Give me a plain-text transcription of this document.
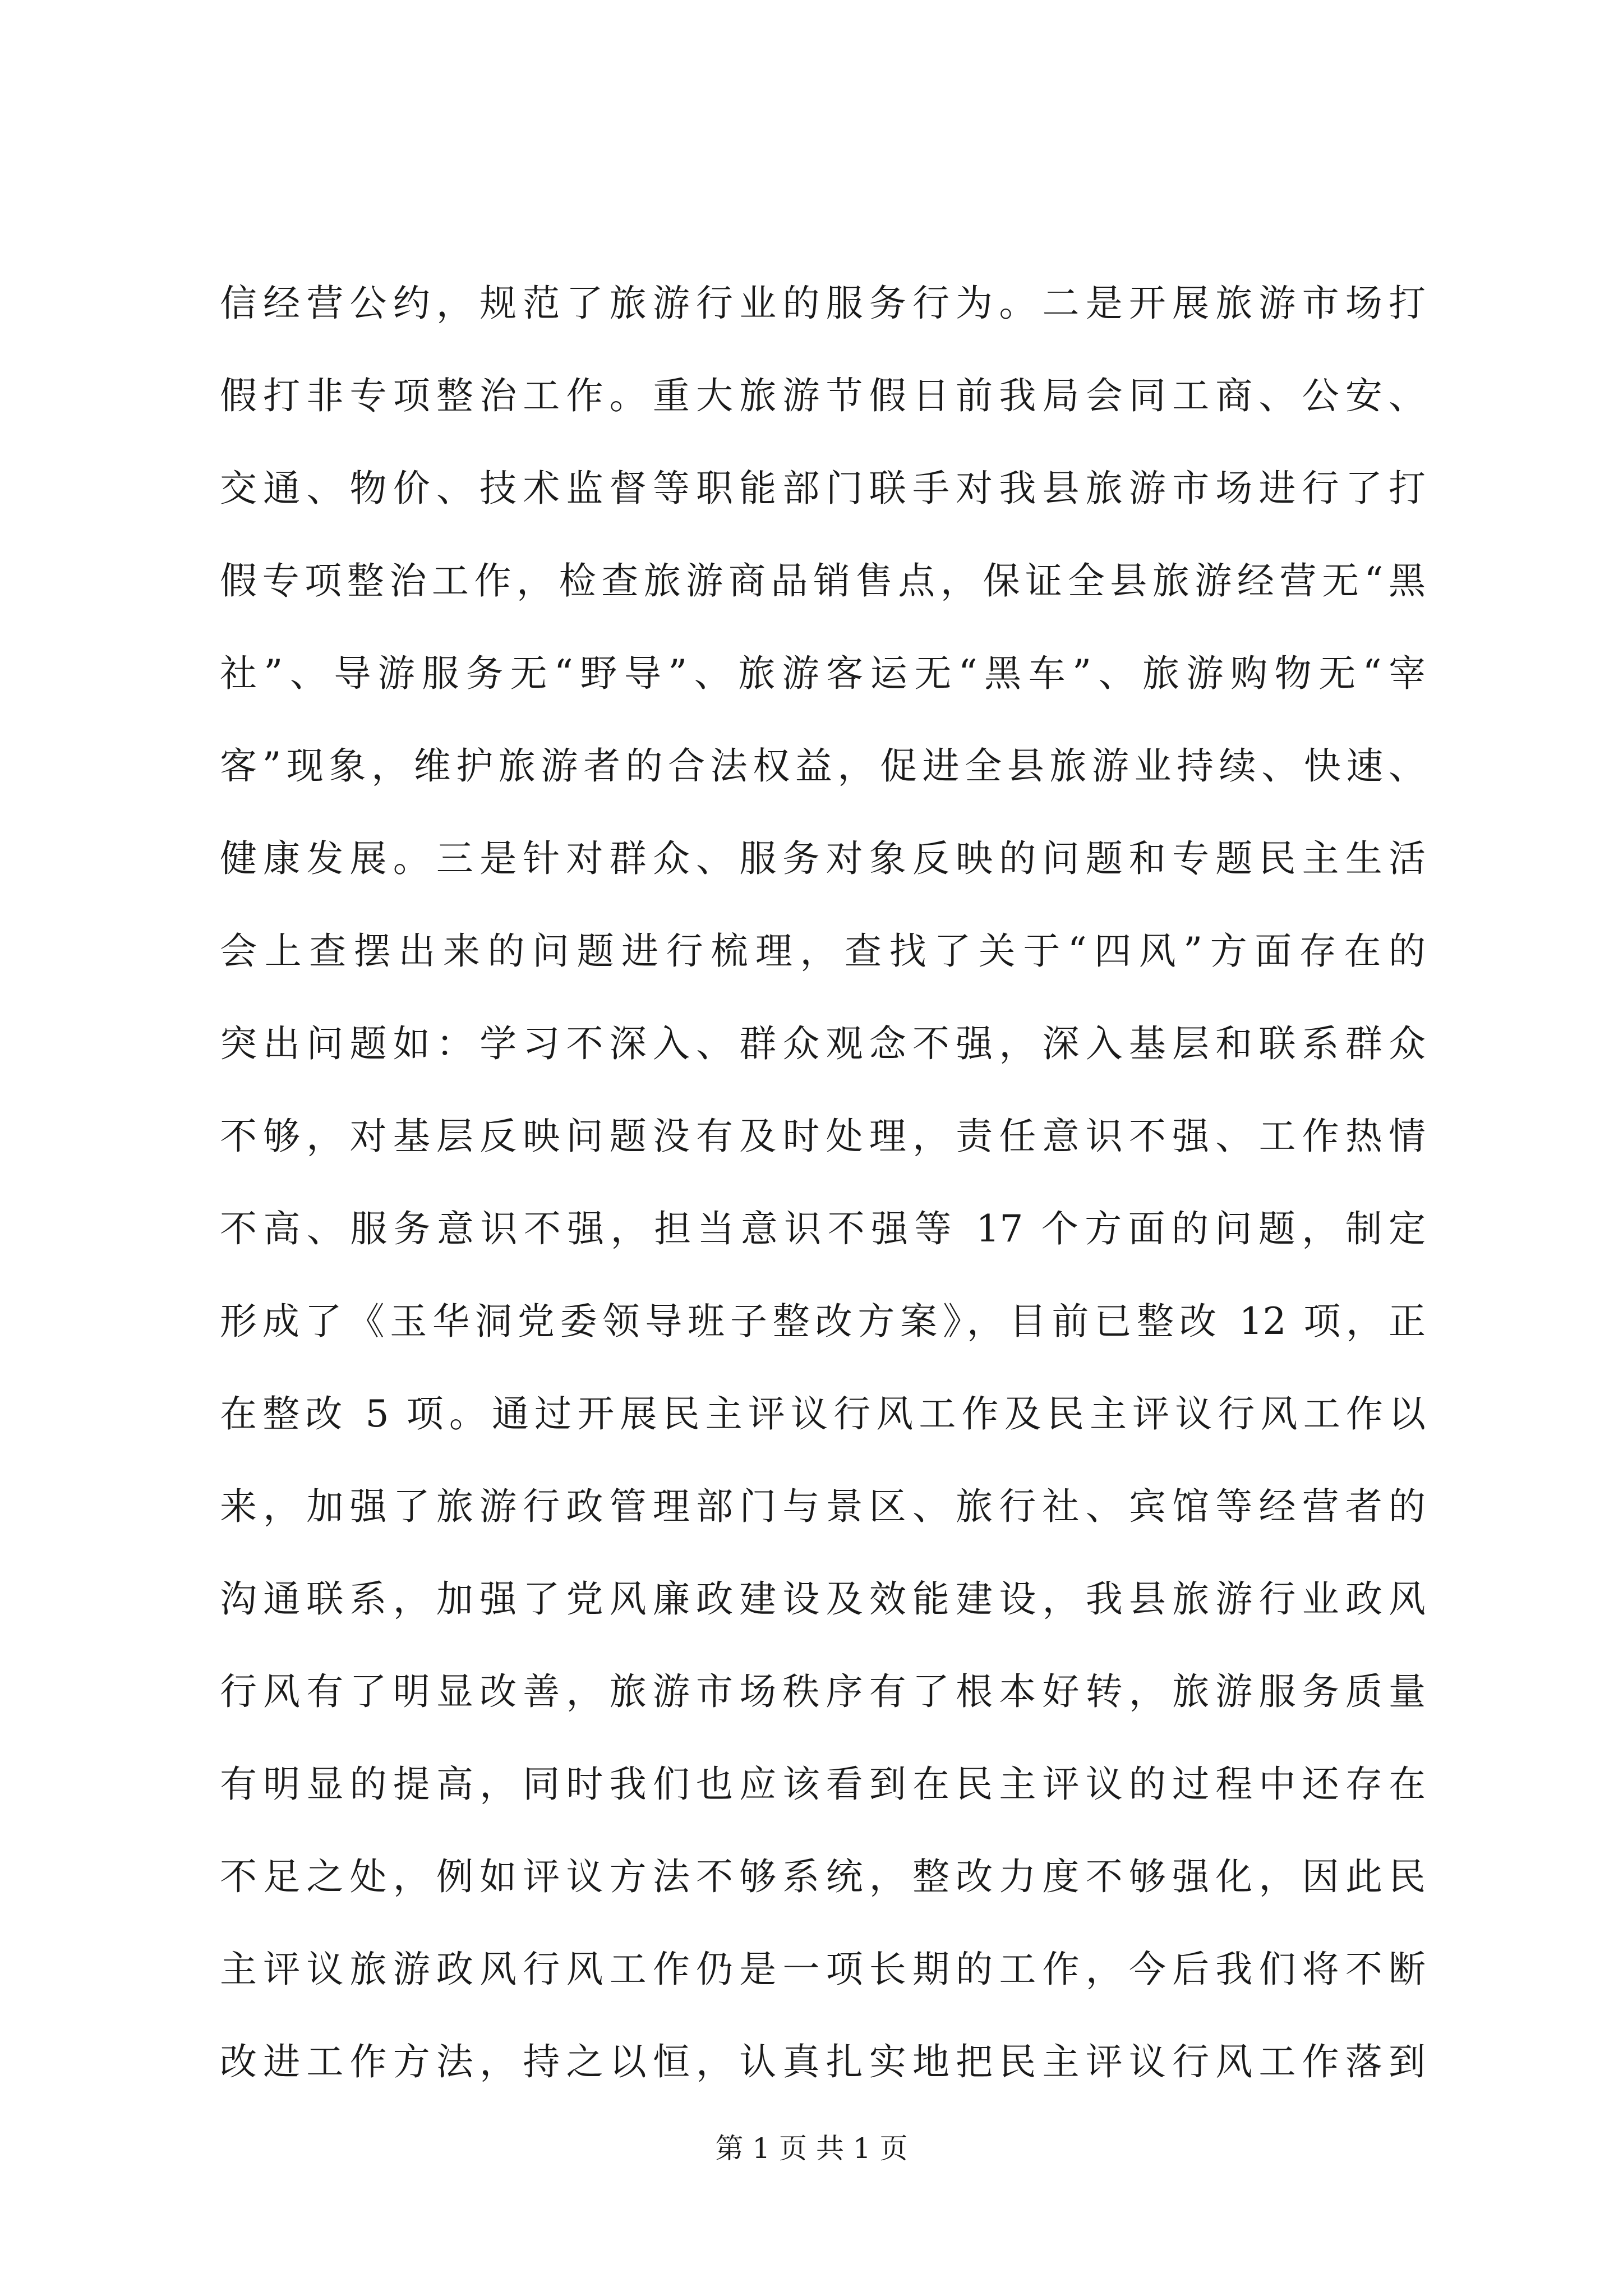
信经营公约，规范了旅游行业的服务行为。二是开展旅游市场打
假打非专项整治工作。重大旅游节假日前我局会同工商、公安、
交通、物价、技术监督等职能部门联手对我县旅游市场进行了打
假专项整治工作，检查旅游商品销售点，保证全县旅游经营无“黑
社”、导游服务无“野导”、旅游客运无“黑车”、旅游购物无“宰
客”现象，维护旅游者的合法权益，促进全县旅游业持续、快速、
健康发展。三是针对群众、服务对象反映的问题和专题民主生活
会上查摆出来的问题进行梳理，查找了关于“四风”方面存在的
突出问题如：学习不深入、群众观念不强，深入基层和联系群众
不够，对基层反映问题没有及时处理，责任意识不强、工作热情
不高、服务意识不强，担当意识不强等 17 个方面的问题，制定
形成了《玉华洞党委领导班子整改方案》，目前已整改 12 项，正
在整改 5 项。通过开展民主评议行风工作及民主评议行风工作以
来，加强了旅游行政管理部门与景区、旅行社、宾馆等经营者的
沟通联系，加强了党风廉政建设及效能建设，我县旅游行业政风
行风有了明显改善，旅游市场秩序有了根本好转，旅游服务质量
有明显的提高，同时我们也应该看到在民主评议的过程中还存在
不足之处，例如评议方法不够系统，整改力度不够强化，因此民
主评议旅游政风行风工作仍是一项长期的工作，今后我们将不断
改进工作方法，持之以恒，认真扎实地把民主评议行风工作落到
第 1 页 共 1 页
